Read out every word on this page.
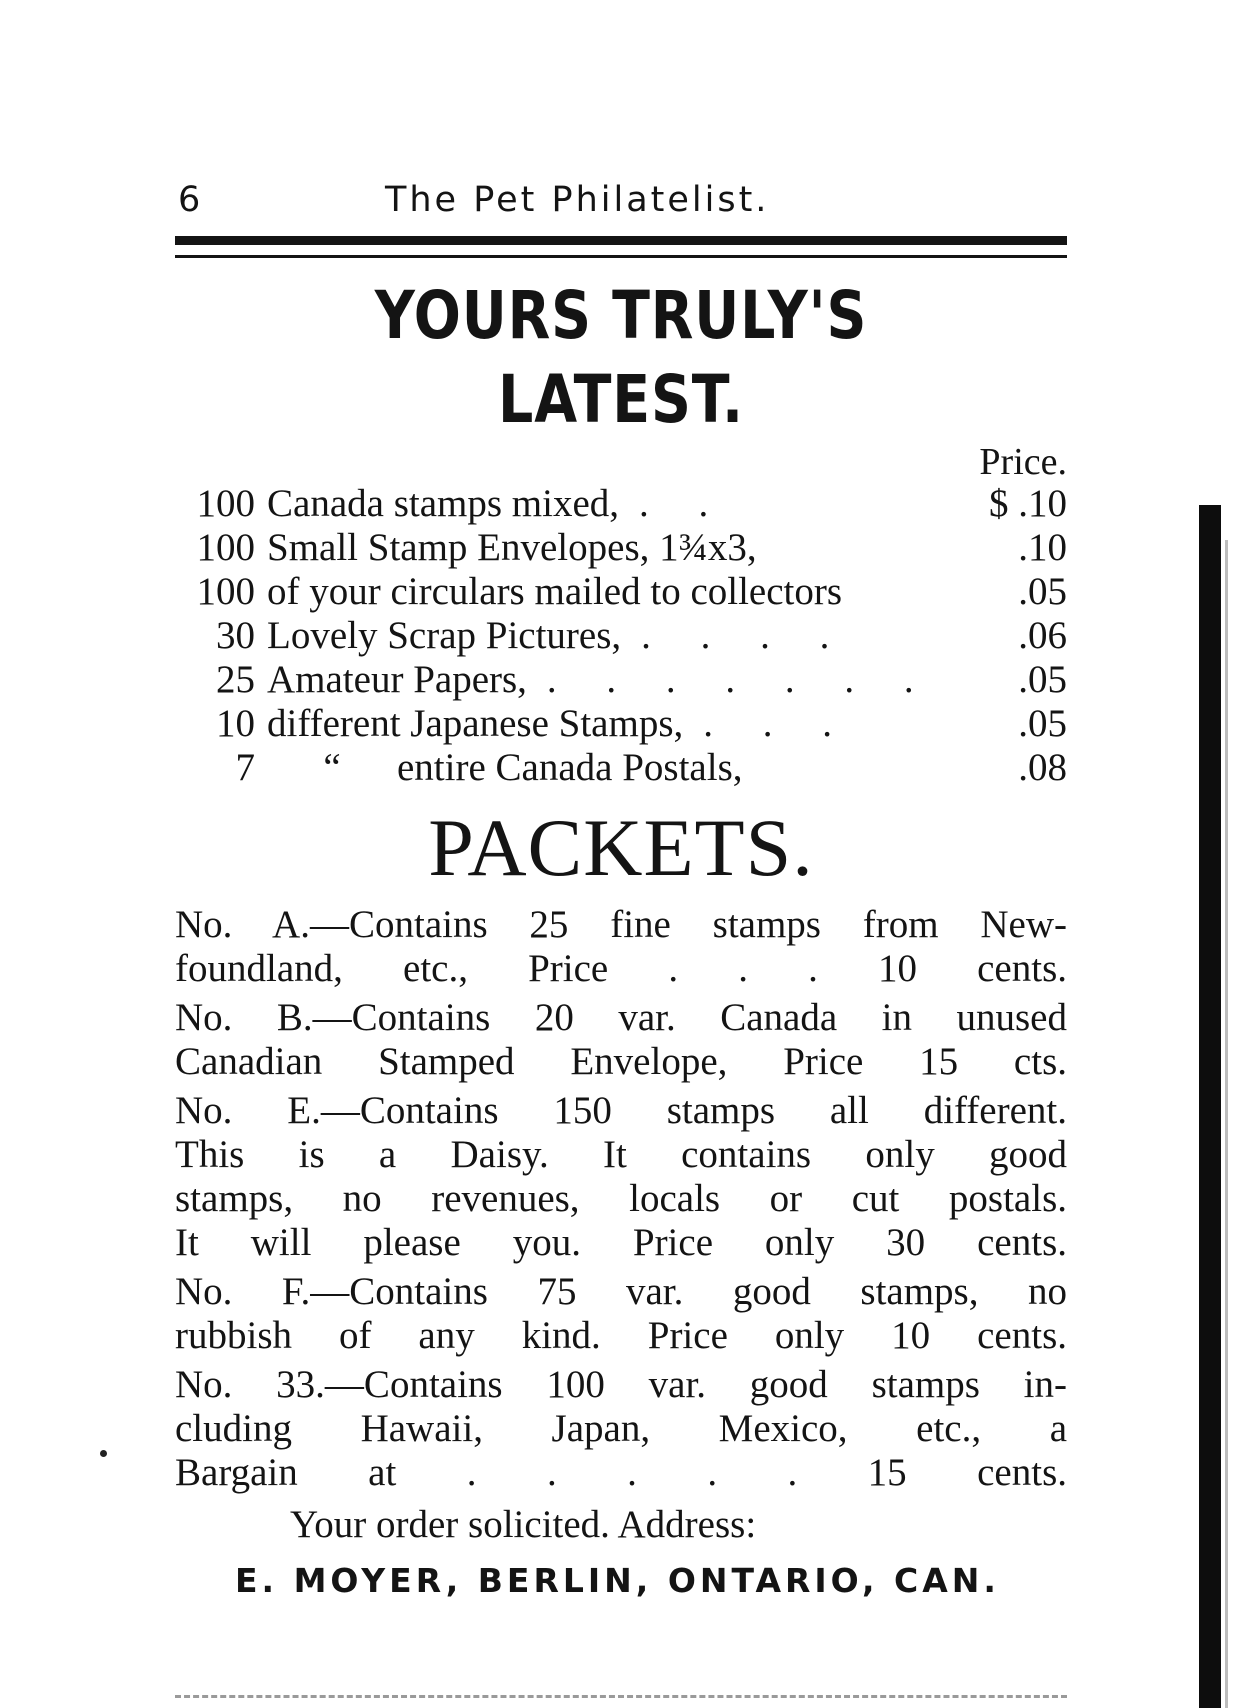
6	The Pet Philatelist.
YOURS TRULY'S LATEST.
Price.
100 Canada stamps mixed, . .	$ .10
100 Small Stamp Envelopes, 1¾x3,	.10
100 of your circulars mailed to collectors	.05
30 Lovely Scrap Pictures, . . . .	.06
25 Amateur Papers, . . . . . . .	.05
10 different Japanese Stamps, . . .	.05
7	“ entire Canada Postals,	.08
PACKETS.
No. A.—Contains 25 fine stamps from New-
foundland, etc., Price . . . 10 cents.
No. B.—Contains 20 var. Canada in unused
Canadian Stamped Envelope, Price 15 cts.
No. E.—Contains 150 stamps all different.
This is a Daisy. It contains only good
stamps, no revenues, locals or cut postals.
It will please you. Price only 30 cents.
No. F.—Contains 75 var. good stamps, no
rubbish of any kind. Price only 10 cents.
No. 33.—Contains 100 var. good stamps in-
cluding Hawaii, Japan, Mexico, etc., a
Bargain at . . . . . 15 cents.
Your order solicited. Address:
E. MOYER, BERLIN, ONTARIO, CAN.
